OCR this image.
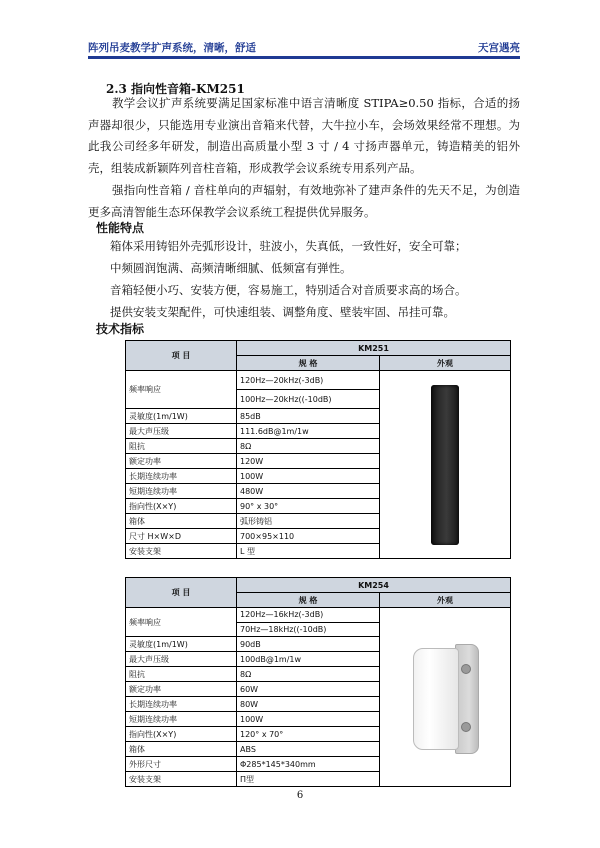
阵列吊麦教学扩声系统，清晰，舒适	天宫遇亮
2.3 指向性音箱-KM251
教学会议扩声系统要满足国家标准中语言清晰度 STIPA≥0.50 指标，合适的扬声器却很少，只能选用专业演出音箱来代替，大牛拉小车，会场效果经常不理想。为此我公司经多年研发，制造出高质量小型 3 寸 / 4 寸扬声器单元，铸造精美的铝外壳，组装成新颖阵列音柱音箱，形成教学会议系统专用系列产品。
强指向性音箱 / 音柱单向的声辐射，有效地弥补了建声条件的先天不足，为创造更多高清智能生态环保教学会议系统工程提供优异服务。
性能特点
箱体采用铸铝外壳弧形设计，驻波小，失真低，一致性好，安全可靠；
中频圆润饱满、高频清晰细腻、低频富有弹性。
音箱轻便小巧、安装方便，容易施工，特别适合对音质要求高的场合。
提供安装支架配件，可快速组装、调整角度、壁装牢固、吊挂可靠。
技术指标
项 目	KM251	
	规 格	外观
频率响应	120Hz—20kHz(-3dB)	

	100Hz—20kHz((-10dB)	
灵敏度(1m/1W)	85dB	
最大声压级	111.6dB@1m/1w	
阻抗	8Ω	
额定功率	120W	
长期连续功率	100W	
短期连续功率	480W	
指向性(X×Y)	90° x 30°	
箱体	弧形铸铝	
尺寸 H×W×D	700×95×110	
安装支架	L 型	
项 目	KM254	
	规 格	外观
频率响应	120Hz—16kHz(-3dB)	

	70Hz—18kHz((-10dB)	
灵敏度(1m/1W)	90dB	
最大声压级	100dB@1m/1w	
阻抗	8Ω	
额定功率	60W	
长期连续功率	80W	
短期连续功率	100W	
指向性(X×Y)	120° x 70°	
箱体	ABS	
外形尺寸	Φ285*145*340mm	
安装支架	Π型	
6
